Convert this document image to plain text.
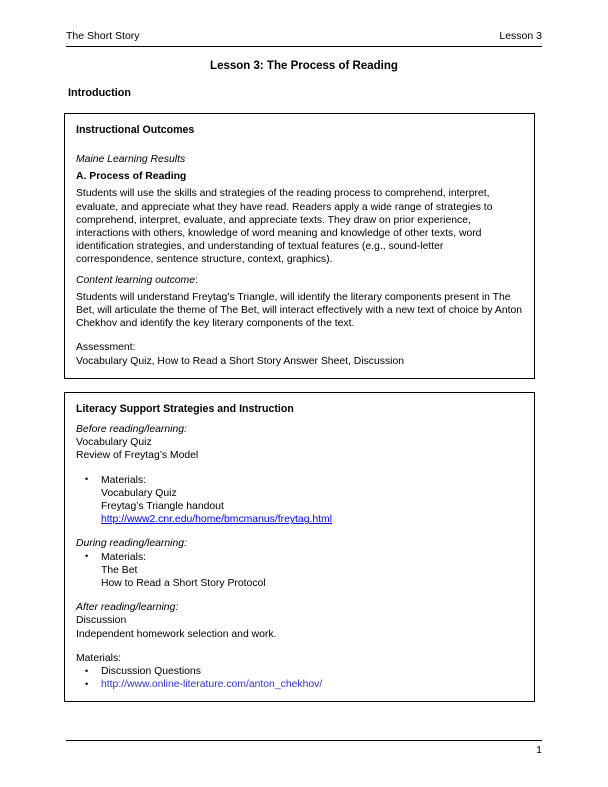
The Short Story	Lesson 3
Lesson 3: The Process of Reading
Introduction
Instructional Outcomes
Maine Learning Results
A. Process of Reading

Students will use the skills and strategies of the reading process to comprehend, interpret, evaluate, and appreciate what they have read. Readers apply a wide range of strategies to comprehend, interpret, evaluate, and appreciate texts. They draw on prior experience, interactions with others, knowledge of word meaning and knowledge of other texts, word identification strategies, and understanding of textual features (e.g., sound-letter correspondence, sentence structure, context, graphics).

Content learning outcome:

Students will understand Freytag’s Triangle, will identify the literary components present in The Bet, will articulate the theme of The Bet, will interact effectively with a new text of choice by Anton Chekhov and identify the key literary components of the text.

Assessment:
Vocabulary Quiz, How to Read a Short Story Answer Sheet, Discussion
Literacy Support Strategies and Instruction
Before reading/learning:
Vocabulary Quiz
Review of Freytag’s Model
• Materials:
Vocabulary Quiz
Freytag’s Triangle handout
http://www2.cnr.edu/home/bmcmanus/freytag.html
During reading/learning:
• Materials:
The Bet
How to Read a Short Story Protocol
After reading/learning:
Discussion
Independent homework selection and work.
Materials:
• Discussion Questions
• http://www.online-literature.com/anton_chekhov/
1
